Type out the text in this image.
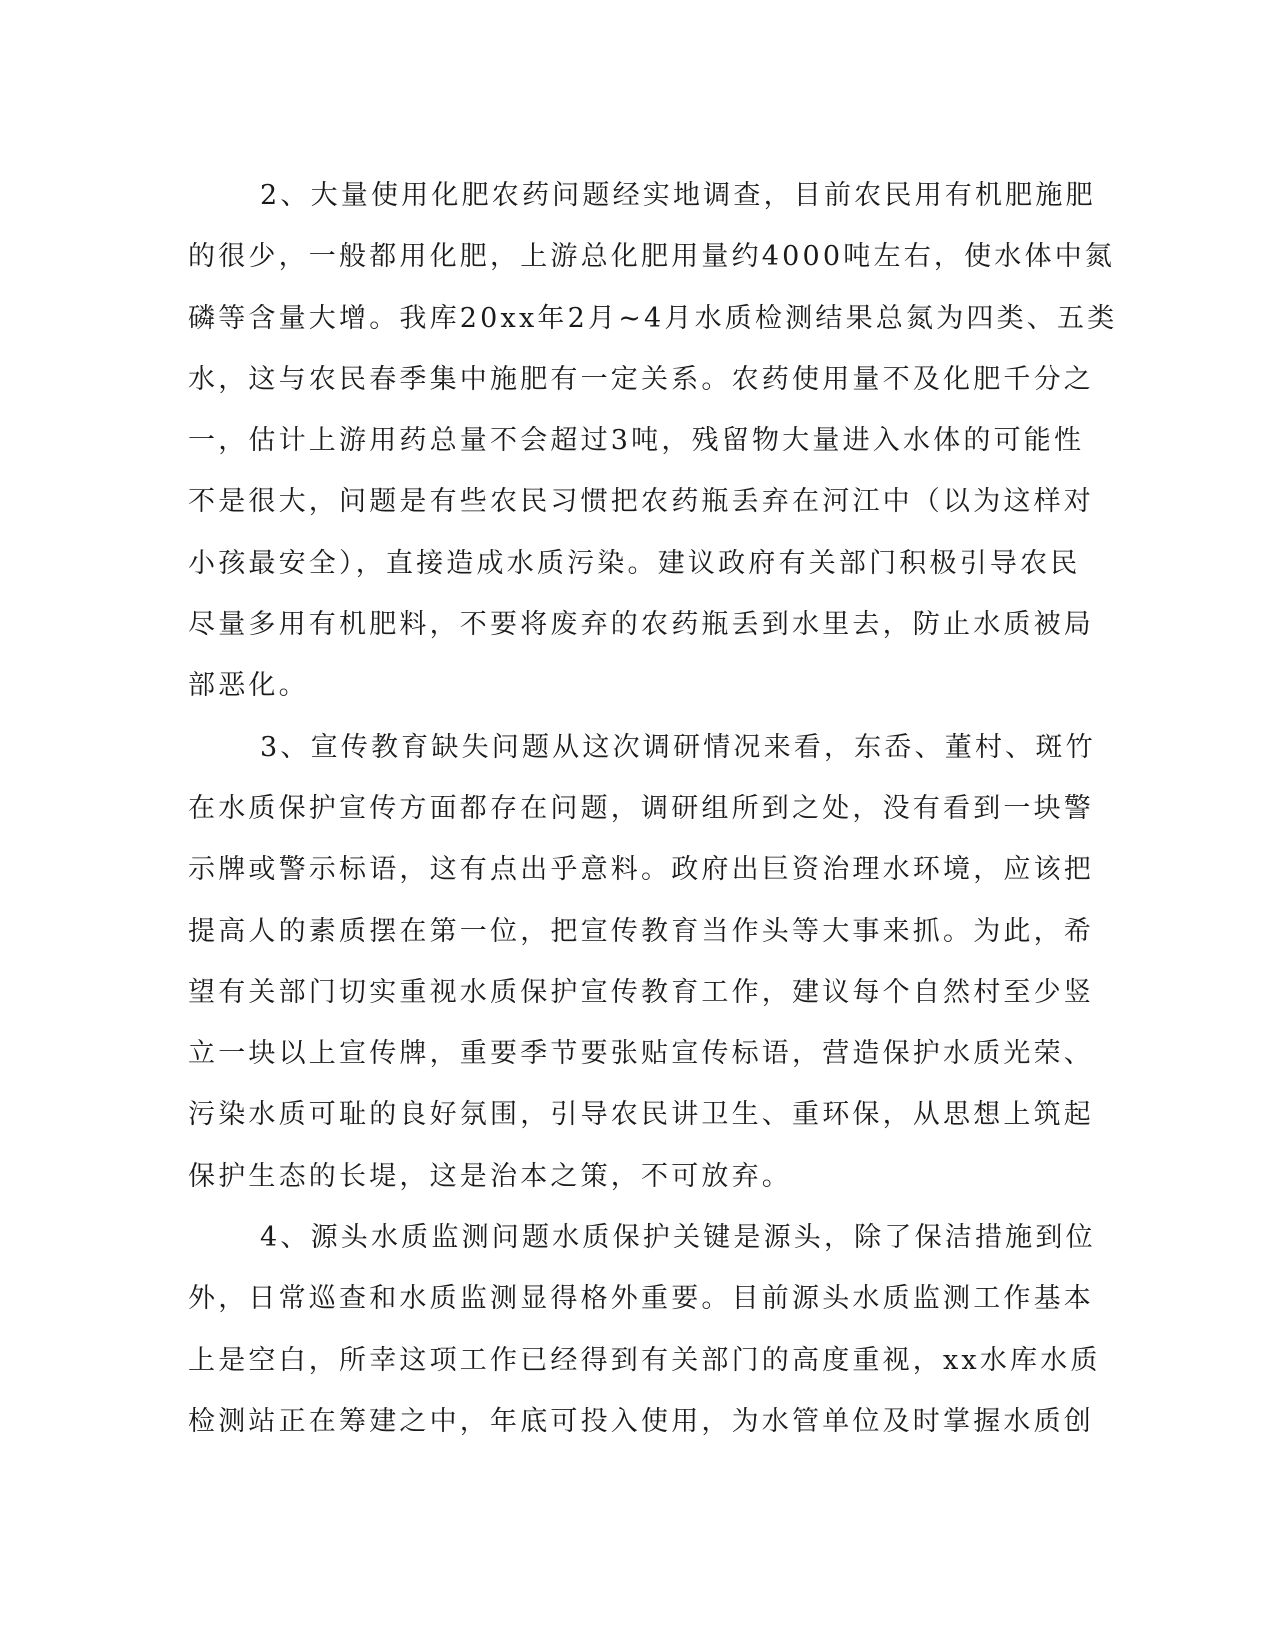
2、大量使用化肥农药问题经实地调查，目前农民用有机肥施肥
的很少，一般都用化肥，上游总化肥用量约4000吨左右，使水体中氮
磷等含量大增。我库20xx年2月~4月水质检测结果总氮为四类、五类
水，这与农民春季集中施肥有一定关系。农药使用量不及化肥千分之
一，估计上游用药总量不会超过3吨，残留物大量进入水体的可能性
不是很大，问题是有些农民习惯把农药瓶丢弃在河江中（以为这样对
小孩最安全），直接造成水质污染。建议政府有关部门积极引导农民
尽量多用有机肥料，不要将废弃的农药瓶丢到水里去，防止水质被局
部恶化。
3、宣传教育缺失问题从这次调研情况来看，东岙、董村、斑竹
在水质保护宣传方面都存在问题，调研组所到之处，没有看到一块警
示牌或警示标语，这有点出乎意料。政府出巨资治理水环境，应该把
提高人的素质摆在第一位，把宣传教育当作头等大事来抓。为此，希
望有关部门切实重视水质保护宣传教育工作，建议每个自然村至少竖
立一块以上宣传牌，重要季节要张贴宣传标语，营造保护水质光荣、
污染水质可耻的良好氛围，引导农民讲卫生、重环保，从思想上筑起
保护生态的长堤，这是治本之策，不可放弃。
4、源头水质监测问题水质保护关键是源头，除了保洁措施到位
外，日常巡查和水质监测显得格外重要。目前源头水质监测工作基本
上是空白，所幸这项工作已经得到有关部门的高度重视，xx水库水质
检测站正在筹建之中，年底可投入使用，为水管单位及时掌握水质创
